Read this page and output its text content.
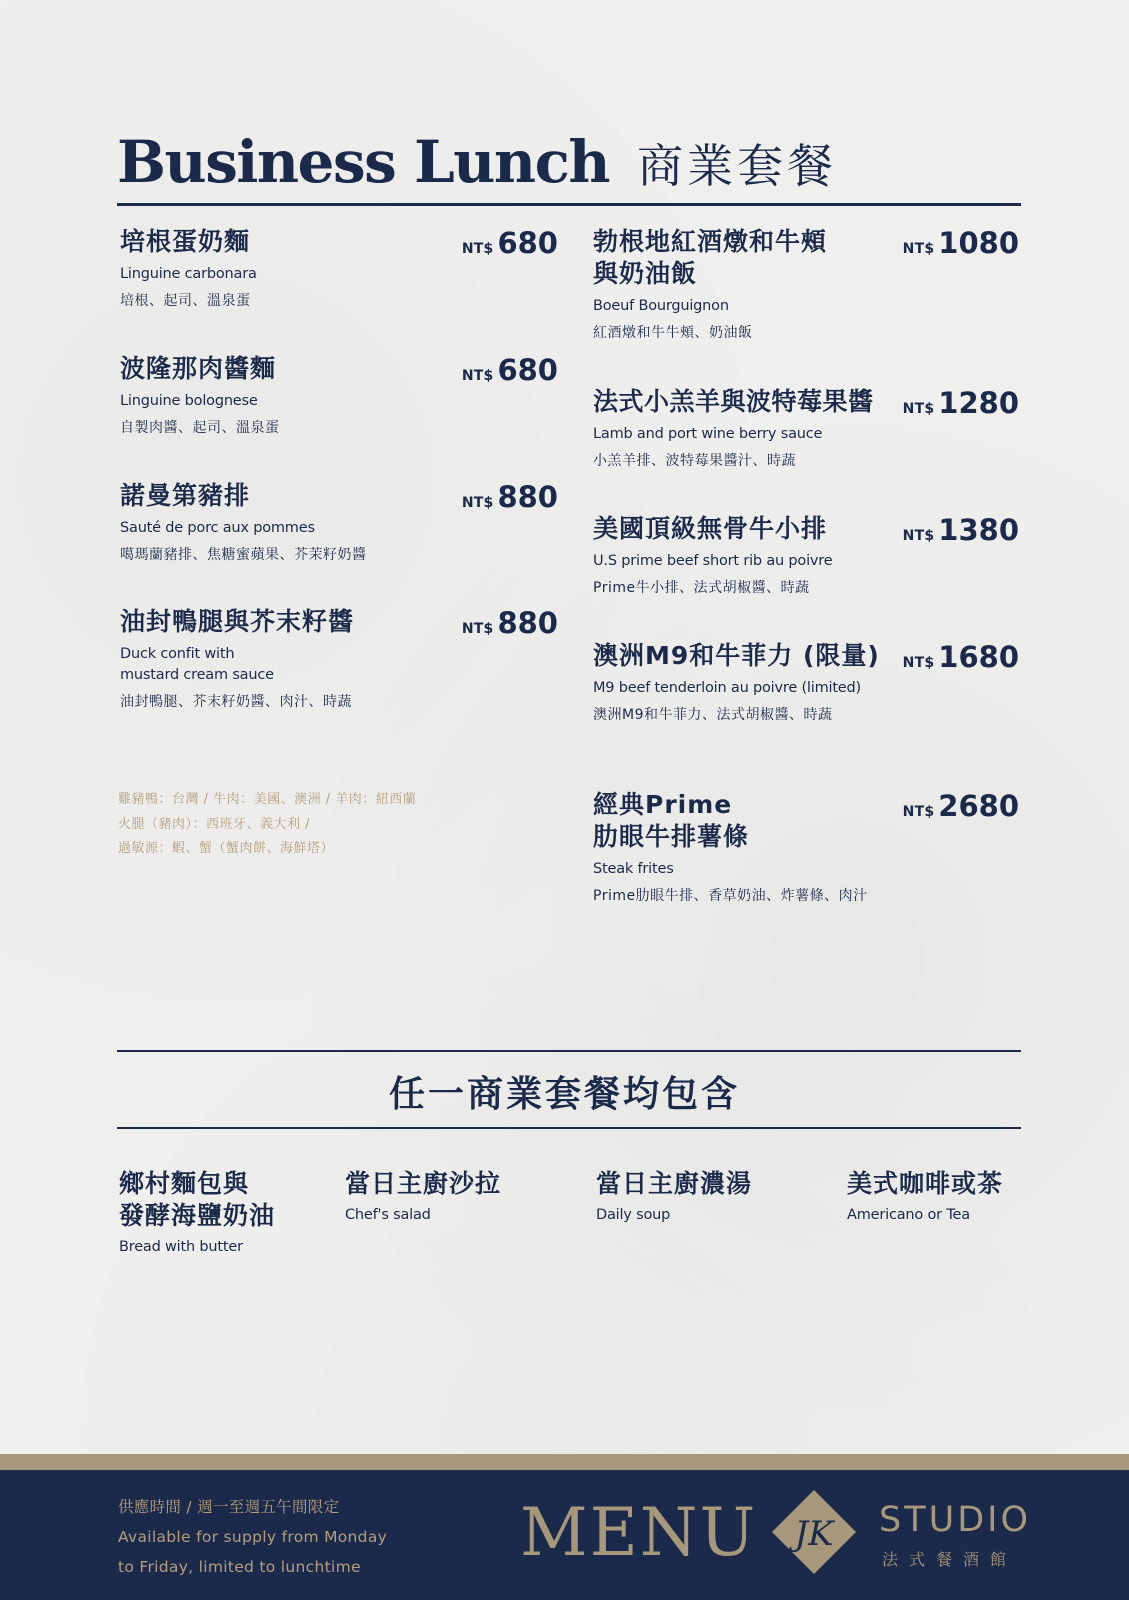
Business Lunch 商業套餐
培根蛋奶麵
Linguine carbonara
培根、起司、溫泉蛋
NT$ 680
波隆那肉醬麵
Linguine bolognese
自製肉醬、起司、溫泉蛋
NT$ 680
諾曼第豬排
Sauté de porc aux pommes
噶瑪蘭豬排、焦糖蜜蘋果、芥茉籽奶醬
NT$ 880
油封鴨腿與芥末籽醬
Duck confit with
mustard cream sauce
油封鴨腿、芥末籽奶醬、肉汁、時蔬
NT$ 880
雞豬鴨：台灣 / 牛肉：美國、澳洲 / 羊肉：紐西蘭
火腿（豬肉）：西班牙、義大利 /
過敏源：蝦、蟹（蟹肉餅、海鮮塔）
勃根地紅酒燉和牛頰
與奶油飯
Boeuf Bourguignon
紅酒燉和牛牛頰、奶油飯
NT$ 1080
法式小羔羊與波特莓果醬
Lamb and port wine berry sauce
小羔羊排、波特莓果醬汁、時蔬
NT$ 1280
美國頂級無骨牛小排
U.S prime beef short rib au poivre
Prime牛小排、法式胡椒醬、時蔬
NT$ 1380
澳洲M9和牛菲力 (限量)
M9 beef tenderloin au poivre (limited)
澳洲M9和牛菲力、法式胡椒醬、時蔬
NT$ 1680
經典Prime
肋眼牛排薯條
Steak frites
Prime肋眼牛排、香草奶油、炸薯條、肉汁
NT$ 2680
任一商業套餐均包含
鄉村麵包與
發酵海鹽奶油
Bread with butter
當日主廚沙拉
Chef's salad
當日主廚濃湯
Daily soup
美式咖啡或茶
Americano or Tea
供應時間 / 週一至週五午間限定
Available for supply from Monday
to Friday, limited to lunchtime	MENU JK STUDIO
法式餐酒館
